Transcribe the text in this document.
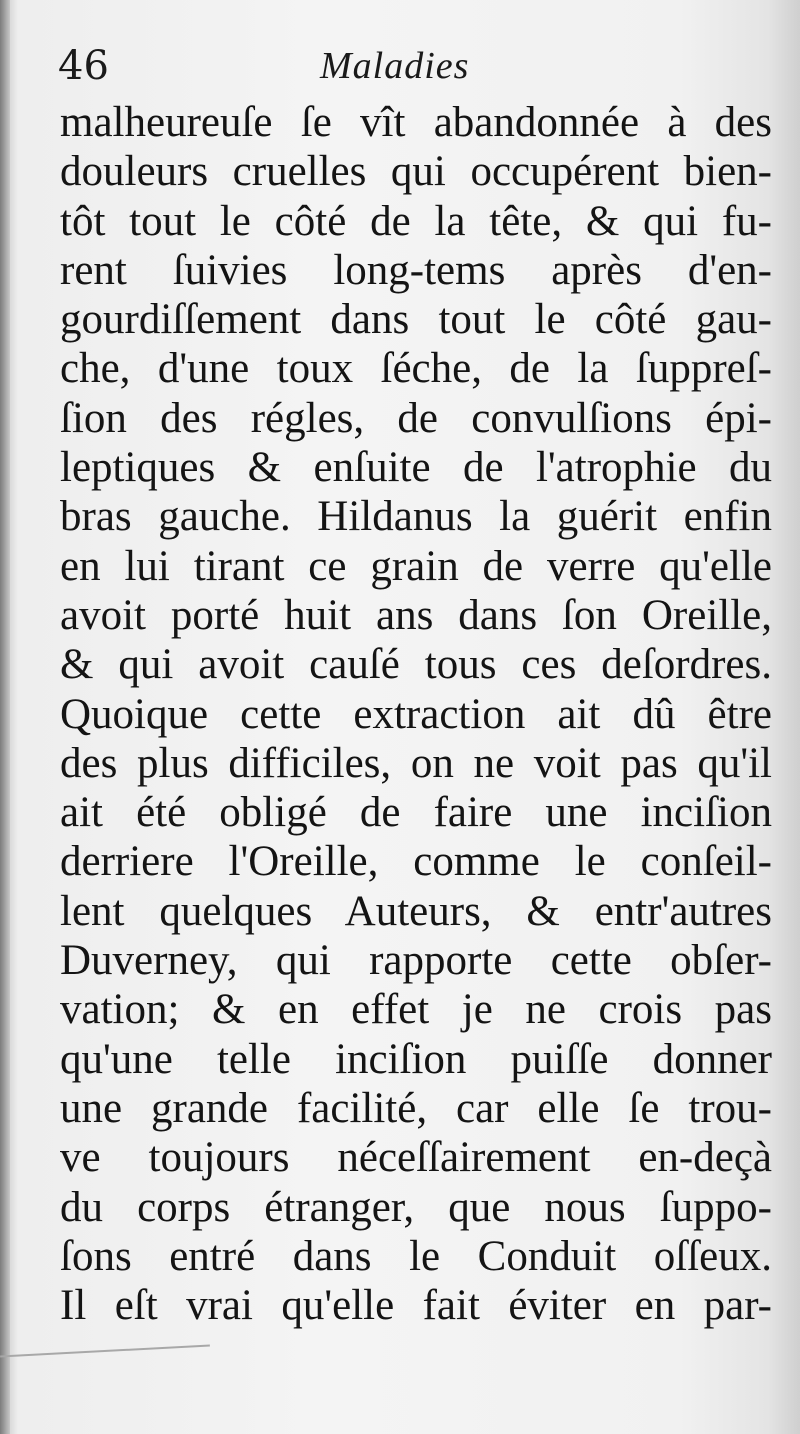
46	Maladies
malheureuſe ſe vît abandonnée à des
douleurs cruelles qui occupérent bien-
tôt tout le côté de la tête, & qui fu-
rent ſuivies long-tems après d'en-
gourdiſſement dans tout le côté gau-
che, d'une toux ſéche, de la ſuppreſ-
ſion des régles, de convulſions épi-
leptiques & enſuite de l'atrophie du
bras gauche. Hildanus la guérit enfin
en lui tirant ce grain de verre qu'elle
avoit porté huit ans dans ſon Oreille,
& qui avoit cauſé tous ces deſordres.
Quoique cette extraction ait dû être
des plus difficiles, on ne voit pas qu'il
ait été obligé de faire une inciſion
derriere l'Oreille, comme le conſeil-
lent quelques Auteurs, & entr'autres
Duverney, qui rapporte cette obſer-
vation; & en effet je ne crois pas
qu'une telle inciſion puiſſe donner
une grande facilité, car elle ſe trou-
ve toujours néceſſairement en-deçà
du corps étranger, que nous ſuppo-
ſons entré dans le Conduit oſſeux.
Il eſt vrai qu'elle fait éviter en par-
